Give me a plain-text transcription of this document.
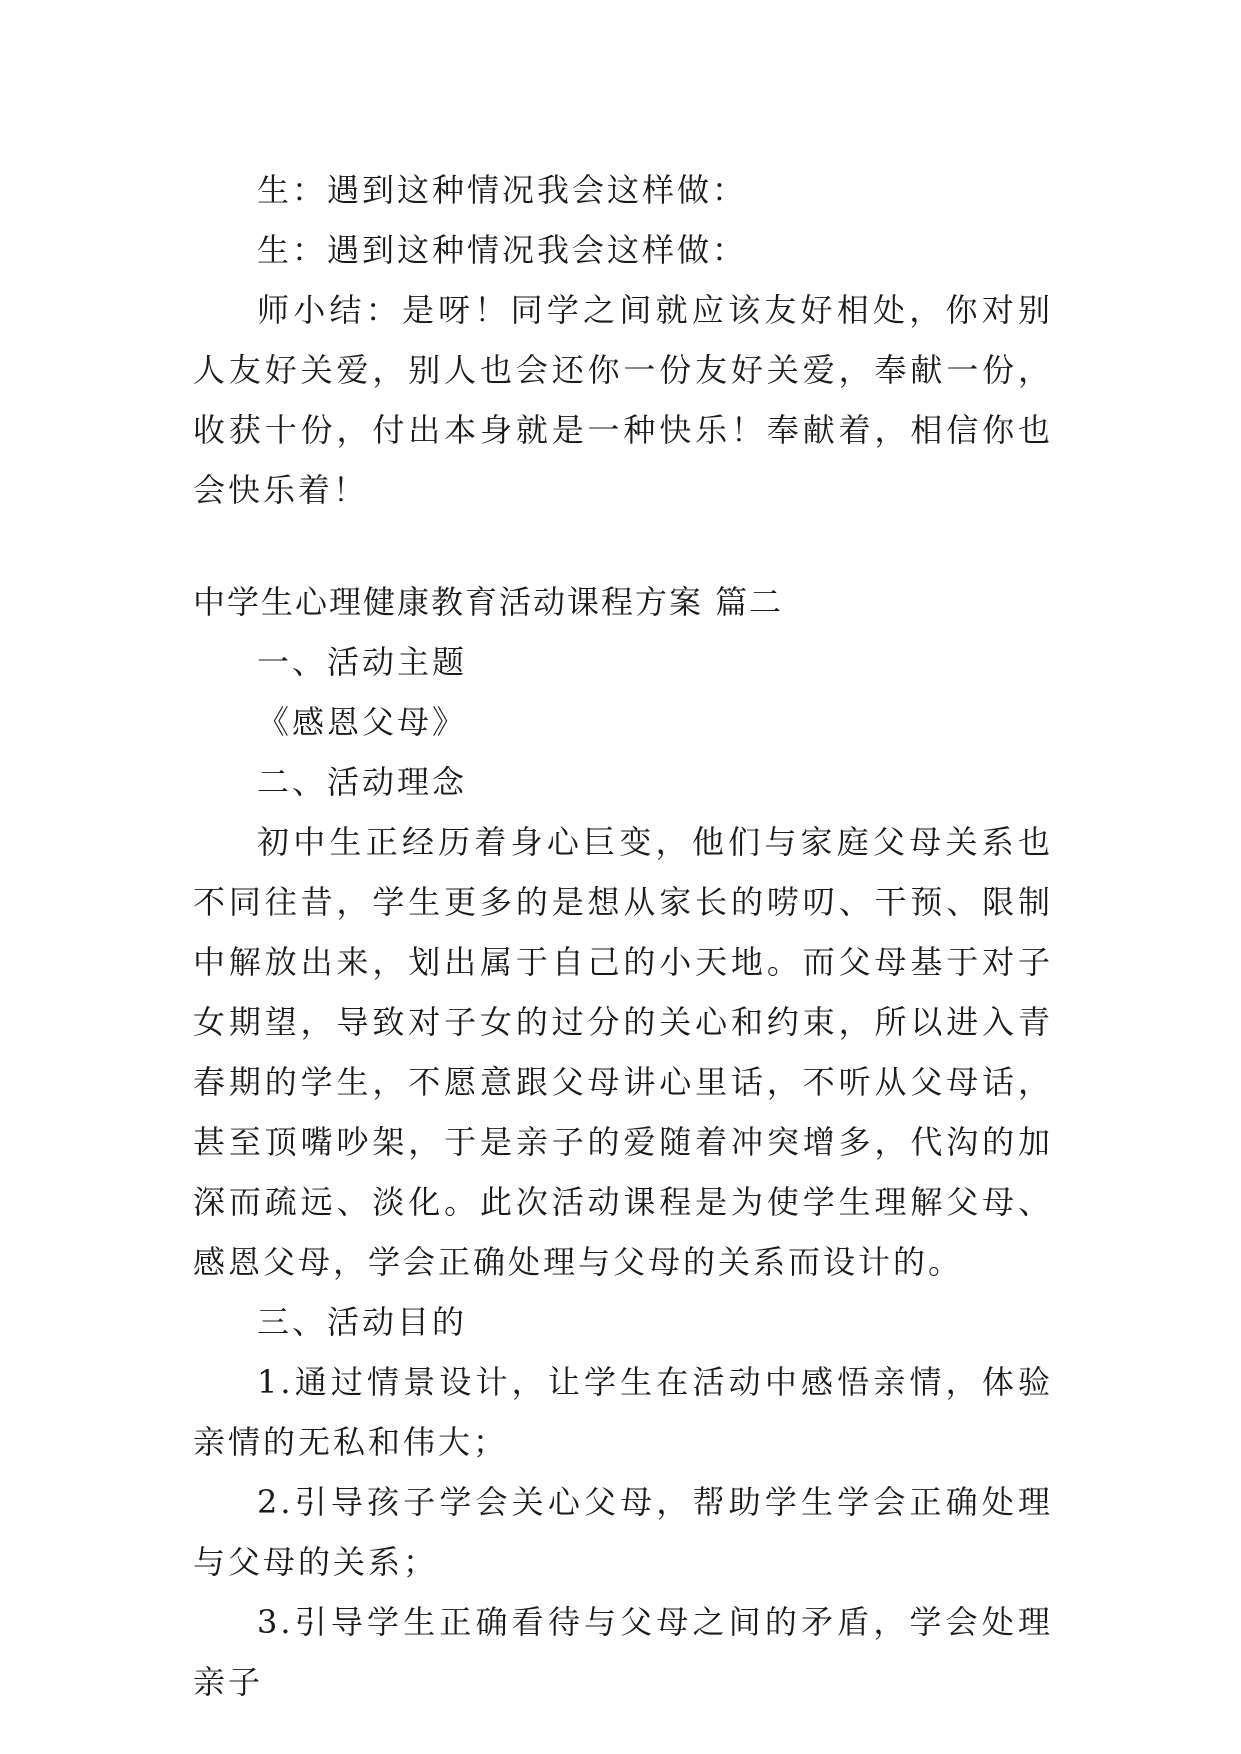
生：遇到这种情况我会这样做：

生：遇到这种情况我会这样做：

师小结：是呀！同学之间就应该友好相处，你对别人友好关爱，别人也会还你一份友好关爱，奉献一份，收获十份，付出本身就是一种快乐！奉献着，相信你也会快乐着！

中学生心理健康教育活动课程方案 篇二

一、活动主题

《感恩父母》

二、活动理念

初中生正经历着身心巨变，他们与家庭父母关系也不同往昔，学生更多的是想从家长的唠叨、干预、限制中解放出来，划出属于自己的小天地。而父母基于对子女期望，导致对子女的过分的关心和约束，所以进入青春期的学生，不愿意跟父母讲心里话，不听从父母话，甚至顶嘴吵架，于是亲子的爱随着冲突增多，代沟的加深而疏远、淡化。此次活动课程是为使学生理解父母、感恩父母，学会正确处理与父母的关系而设计的。

三、活动目的

1.通过情景设计，让学生在活动中感悟亲情，体验亲情的无私和伟大；

2.引导孩子学会关心父母，帮助学生学会正确处理与父母的关系；

3.引导学生正确看待与父母之间的矛盾，学会处理亲子
